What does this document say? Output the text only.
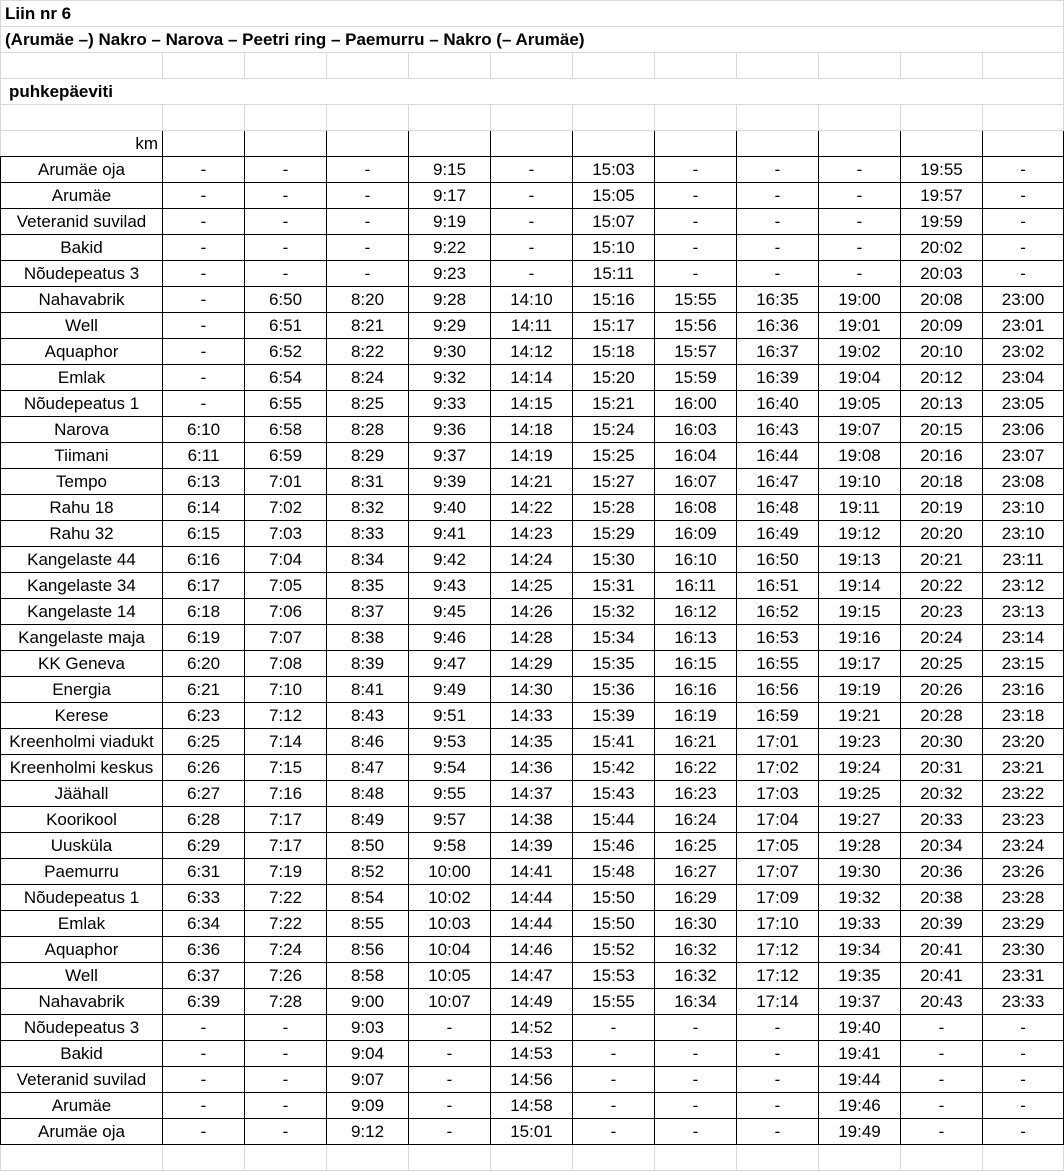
Liin nr 6											
(Arumäe –) Nakro – Narova – Peetri ring – Paemurru – Nakro (– Arumäe)											

puhkepäeviti											

km											
Arumäe oja	-	-	-	9:15	-	15:03	-	-	-	19:55	-
Arumäe	-	-	-	9:17	-	15:05	-	-	-	19:57	-
Veteranid suvilad	-	-	-	9:19	-	15:07	-	-	-	19:59	-
Bakid	-	-	-	9:22	-	15:10	-	-	-	20:02	-
Nõudepeatus 3	-	-	-	9:23	-	15:11	-	-	-	20:03	-
Nahavabrik	-	6:50	8:20	9:28	14:10	15:16	15:55	16:35	19:00	20:08	23:00
Well	-	6:51	8:21	9:29	14:11	15:17	15:56	16:36	19:01	20:09	23:01
Aquaphor	-	6:52	8:22	9:30	14:12	15:18	15:57	16:37	19:02	20:10	23:02
Emlak	-	6:54	8:24	9:32	14:14	15:20	15:59	16:39	19:04	20:12	23:04
Nõudepeatus 1	-	6:55	8:25	9:33	14:15	15:21	16:00	16:40	19:05	20:13	23:05
Narova	6:10	6:58	8:28	9:36	14:18	15:24	16:03	16:43	19:07	20:15	23:06
Tiimani	6:11	6:59	8:29	9:37	14:19	15:25	16:04	16:44	19:08	20:16	23:07
Tempo	6:13	7:01	8:31	9:39	14:21	15:27	16:07	16:47	19:10	20:18	23:08
Rahu 18	6:14	7:02	8:32	9:40	14:22	15:28	16:08	16:48	19:11	20:19	23:10
Rahu 32	6:15	7:03	8:33	9:41	14:23	15:29	16:09	16:49	19:12	20:20	23:10
Kangelaste 44	6:16	7:04	8:34	9:42	14:24	15:30	16:10	16:50	19:13	20:21	23:11
Kangelaste 34	6:17	7:05	8:35	9:43	14:25	15:31	16:11	16:51	19:14	20:22	23:12
Kangelaste 14	6:18	7:06	8:37	9:45	14:26	15:32	16:12	16:52	19:15	20:23	23:13
Kangelaste maja	6:19	7:07	8:38	9:46	14:28	15:34	16:13	16:53	19:16	20:24	23:14
KK Geneva	6:20	7:08	8:39	9:47	14:29	15:35	16:15	16:55	19:17	20:25	23:15
Energia	6:21	7:10	8:41	9:49	14:30	15:36	16:16	16:56	19:19	20:26	23:16
Kerese	6:23	7:12	8:43	9:51	14:33	15:39	16:19	16:59	19:21	20:28	23:18
Kreenholmi viadukt	6:25	7:14	8:46	9:53	14:35	15:41	16:21	17:01	19:23	20:30	23:20
Kreenholmi keskus	6:26	7:15	8:47	9:54	14:36	15:42	16:22	17:02	19:24	20:31	23:21
Jäähall	6:27	7:16	8:48	9:55	14:37	15:43	16:23	17:03	19:25	20:32	23:22
Koorikool	6:28	7:17	8:49	9:57	14:38	15:44	16:24	17:04	19:27	20:33	23:23
Uusküla	6:29	7:17	8:50	9:58	14:39	15:46	16:25	17:05	19:28	20:34	23:24
Paemurru	6:31	7:19	8:52	10:00	14:41	15:48	16:27	17:07	19:30	20:36	23:26
Nõudepeatus 1	6:33	7:22	8:54	10:02	14:44	15:50	16:29	17:09	19:32	20:38	23:28
Emlak	6:34	7:22	8:55	10:03	14:44	15:50	16:30	17:10	19:33	20:39	23:29
Aquaphor	6:36	7:24	8:56	10:04	14:46	15:52	16:32	17:12	19:34	20:41	23:30
Well	6:37	7:26	8:58	10:05	14:47	15:53	16:32	17:12	19:35	20:41	23:31
Nahavabrik	6:39	7:28	9:00	10:07	14:49	15:55	16:34	17:14	19:37	20:43	23:33
Nõudepeatus 3	-	-	9:03	-	14:52	-	-	-	19:40	-	-
Bakid	-	-	9:04	-	14:53	-	-	-	19:41	-	-
Veteranid suvilad	-	-	9:07	-	14:56	-	-	-	19:44	-	-
Arumäe	-	-	9:09	-	14:58	-	-	-	19:46	-	-
Arumäe oja	-	-	9:12	-	15:01	-	-	-	19:49	-	-
